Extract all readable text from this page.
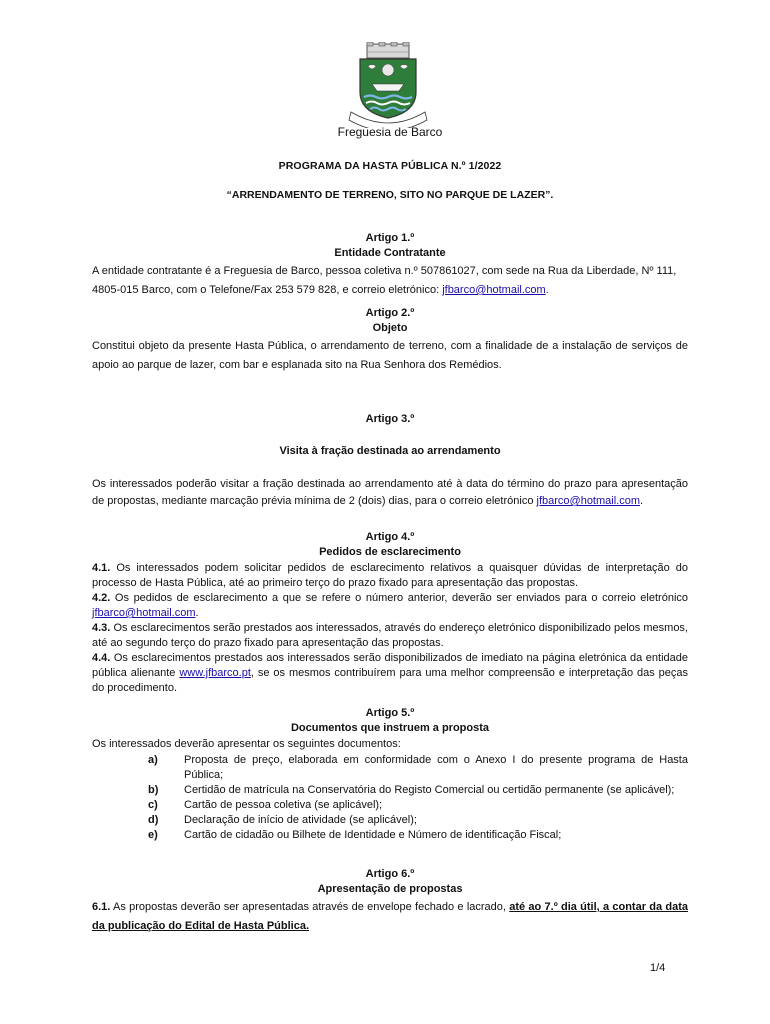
Freguesia de Barco
PROGRAMA DA HASTA PÚBLICA N.º 1/2022
“ARRENDAMENTO DE TERRENO, SITO NO PARQUE DE LAZER”.
Artigo 1.º
Entidade Contratante
A entidade contratante é a Freguesia de Barco, pessoa coletiva n.º 507861027, com sede na Rua da Liberdade, Nº 111, 4805-015 Barco, com o Telefone/Fax 253 579 828, e correio eletrónico: jfbarco@hotmail.com.
Artigo 2.º
Objeto
Constitui objeto da presente Hasta Pública, o arrendamento de terreno, com a finalidade de a instalação de serviços de apoio ao parque de lazer, com bar e esplanada sito na Rua Senhora dos Remédios.
Artigo 3.º
Visita à fração destinada ao arrendamento
Os interessados poderão visitar a fração destinada ao arrendamento até à data do término do prazo para apresentação de propostas, mediante marcação prévia mínima de 2 (dois) dias, para o correio eletrónico jfbarco@hotmail.com.
Artigo 4.º
Pedidos de esclarecimento
4.1. Os interessados podem solicitar pedidos de esclarecimento relativos a quaisquer dúvidas de interpretação do processo de Hasta Pública, até ao primeiro terço do prazo fixado para apresentação das propostas.
4.2. Os pedidos de esclarecimento a que se refere o número anterior, deverão ser enviados para o correio eletrónico jfbarco@hotmail.com.
4.3. Os esclarecimentos serão prestados aos interessados, através do endereço eletrónico disponibilizado pelos mesmos, até ao segundo terço do prazo fixado para apresentação das propostas.
4.4. Os esclarecimentos prestados aos interessados serão disponibilizados de imediato na página eletrónica da entidade pública alienante www.jfbarco.pt, se os mesmos contribuírem para uma melhor compreensão e interpretação das peças do procedimento.
Artigo 5.º
Documentos que instruem a proposta
Os interessados deverão apresentar os seguintes documentos:
a)	Proposta de preço, elaborada em conformidade com o Anexo I do presente programa de Hasta Pública;
b)	Certidão de matrícula na Conservatória do Registo Comercial ou certidão permanente (se aplicável);
c)	Cartão de pessoa coletiva (se aplicável);
d)	Declaração de início de atividade (se aplicável);
e)	Cartão de cidadão ou Bilhete de Identidade e Número de identificação Fiscal;
Artigo 6.º
Apresentação de propostas
6.1. As propostas deverão ser apresentadas através de envelope fechado e lacrado, até ao 7.º dia útil, a contar da data da publicação do Edital de Hasta Pública.
1/4
